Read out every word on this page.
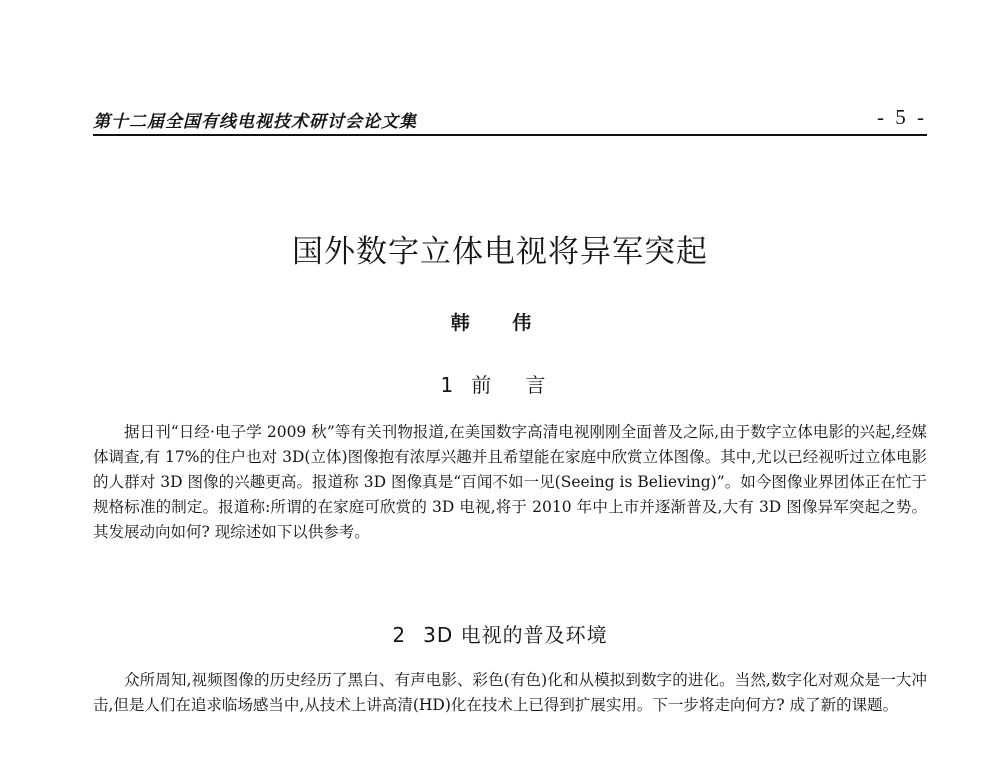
第十二届全国有线电视技术研讨会论文集	- 5 -
国外数字立体电视将异军突起
韩 伟
1 前 言

据日刊“日经·电子学 2009 秋”等有关刊物报道,在美国数字高清电视刚刚全面普及之际,由于数字立体电影的兴起,经媒体调查,有 17%的住户也对 3D(立体)图像抱有浓厚兴趣并且希望能在家庭中欣赏立体图像。其中,尤以已经视听过立体电影的人群对 3D 图像的兴趣更高。报道称 3D 图像真是“百闻不如一见(Seeing is Believing)”。如今图像业界团体正在忙于规格标准的制定。报道称:所谓的在家庭可欣赏的 3D 电视,将于 2010 年中上市并逐渐普及,大有 3D 图像异军突起之势。其发展动向如何? 现综述如下以供参考。

2 3D 电视的普及环境

众所周知,视频图像的历史经历了黑白、有声电影、彩色(有色)化和从模拟到数字的进化。当然,数字化对观众是一大冲击,但是人们在追求临场感当中,从技术上讲高清(HD)化在技术上已得到扩展实用。下一步将走向何方? 成了新的课题。
